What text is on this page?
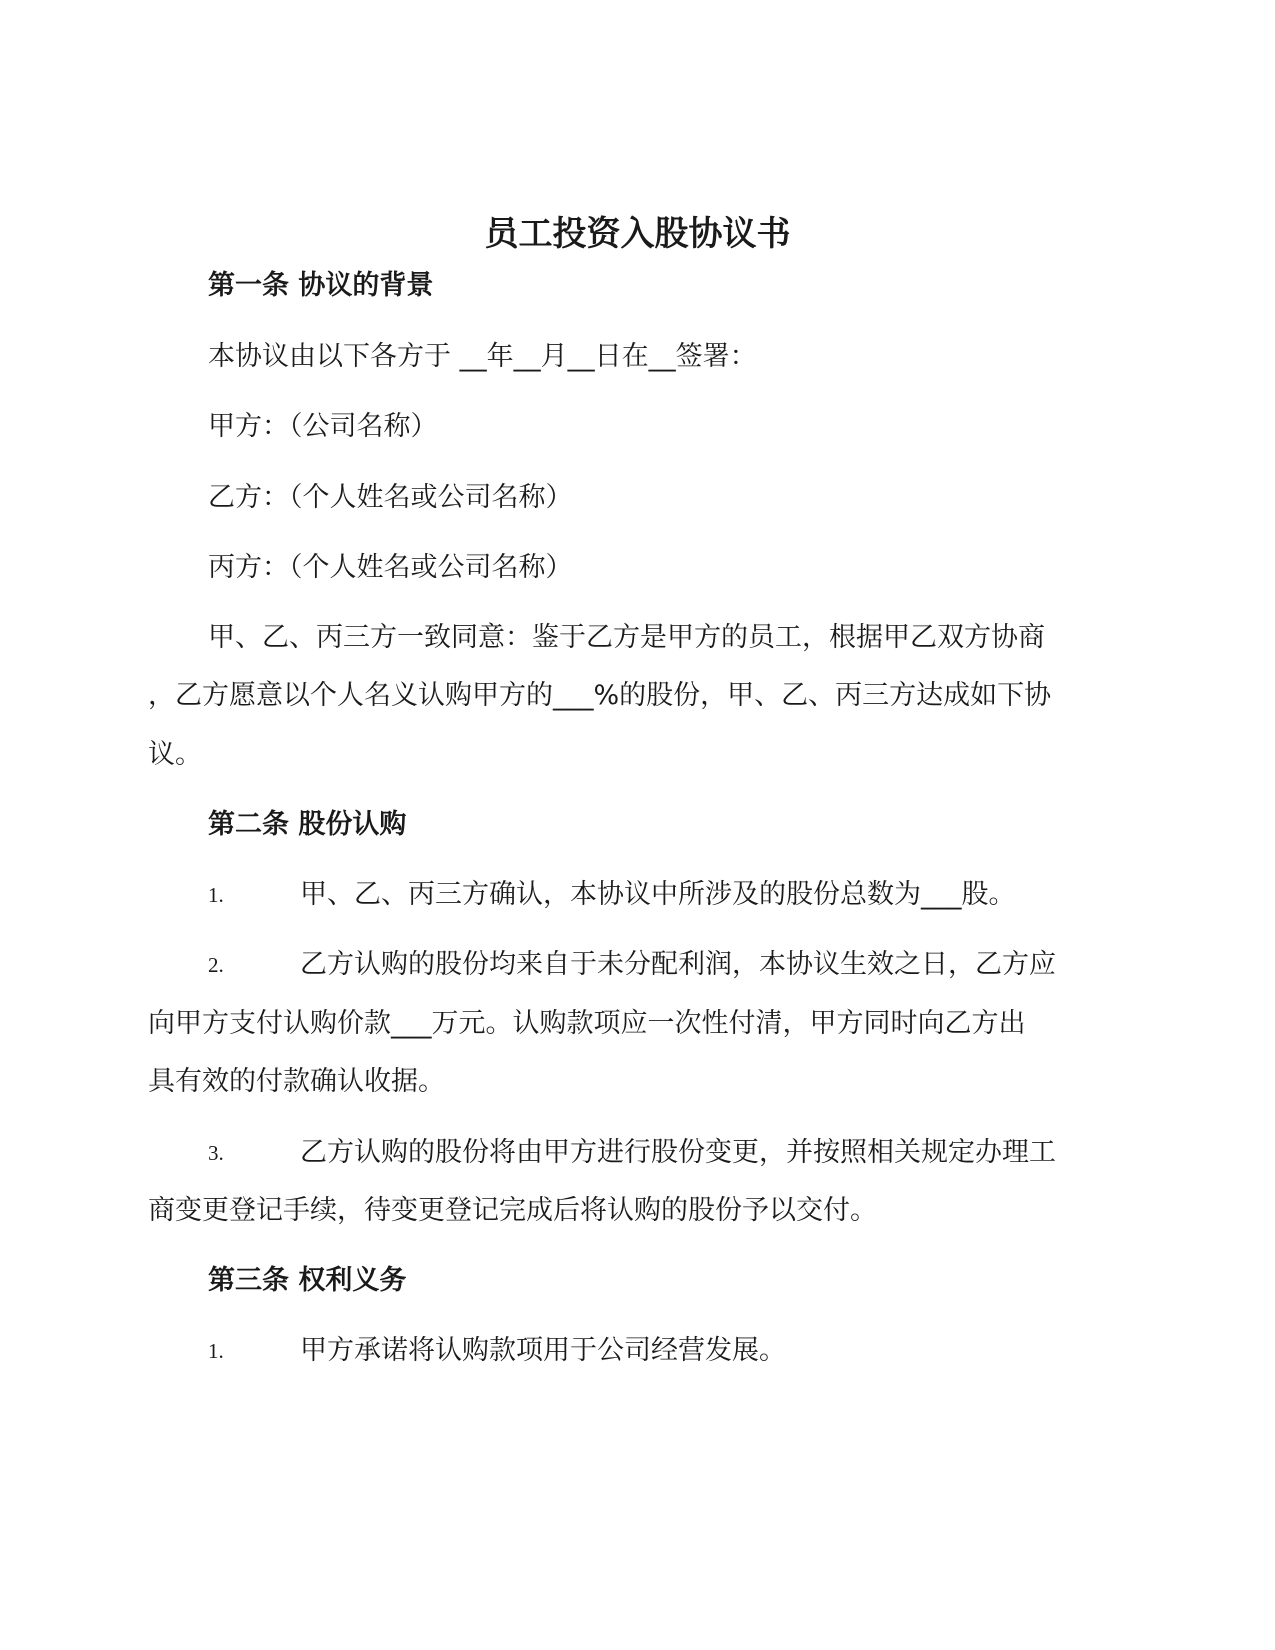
员工投资入股协议书
第一条 协议的背景
本协议由以下各方于 __年__月__日在__签署：
甲方：（公司名称）
乙方：（个人姓名或公司名称）
丙方：（个人姓名或公司名称）
甲、乙、丙三方一致同意：鉴于乙方是甲方的员工，根据甲乙双方协商
，乙方愿意以个人名义认购甲方的___%的股份，甲、乙、丙三方达成如下协
议。
第二条 股份认购
1.	甲、乙、丙三方确认，本协议中所涉及的股份总数为___股。
2.	乙方认购的股份均来自于未分配利润，本协议生效之日，乙方应
向甲方支付认购价款___万元。认购款项应一次性付清，甲方同时向乙方出
具有效的付款确认收据。
3.	乙方认购的股份将由甲方进行股份变更，并按照相关规定办理工
商变更登记手续，待变更登记完成后将认购的股份予以交付。
第三条 权利义务
1.	甲方承诺将认购款项用于公司经营发展。
